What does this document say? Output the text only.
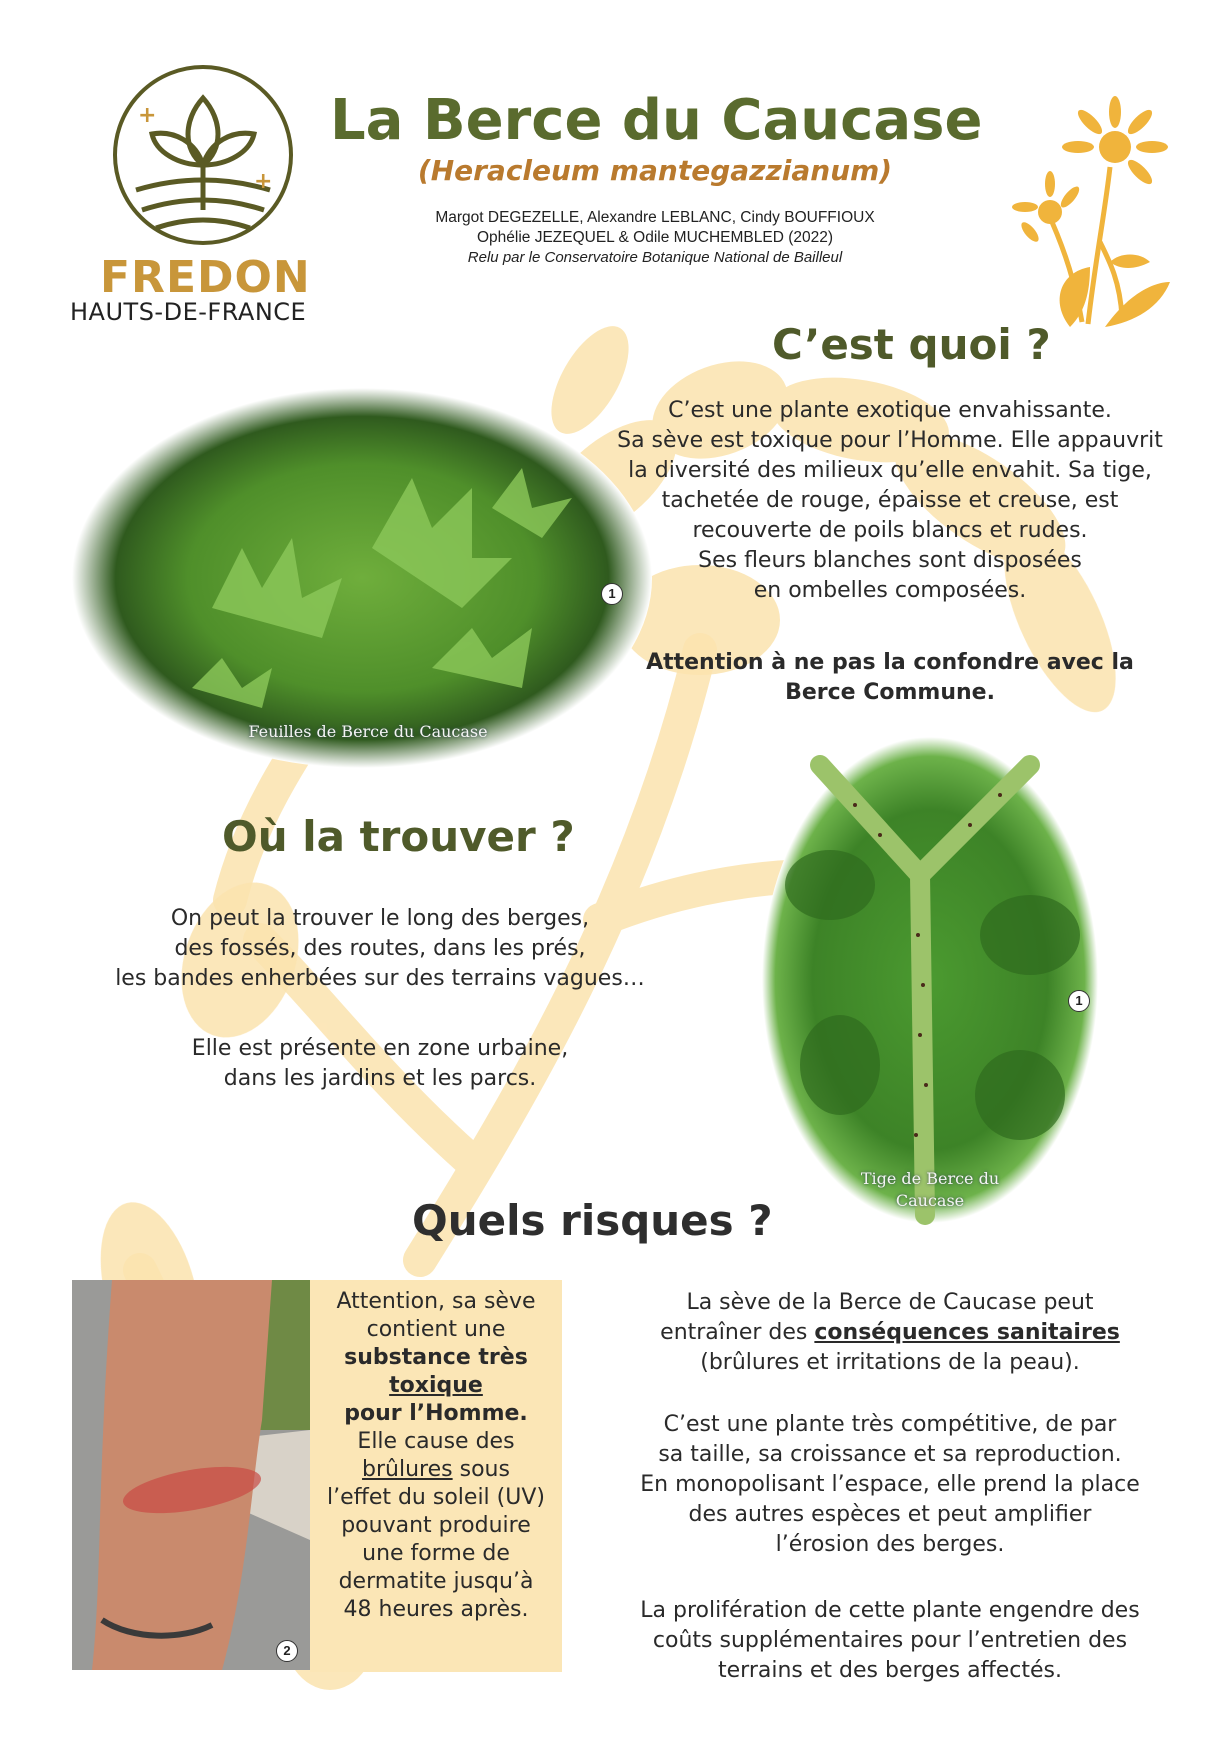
+
+
FREDON
HAUTS-DE-FRANCE
La Berce du Caucase
(Heracleum mantegazzianum)
Margot DEGEZELLE, Alexandre LEBLANC, Cindy BOUFFIOUX
Ophélie JEZEQUEL & Odile MUCHEMBLED (2022)
Relu par le Conservatoire Botanique National de Bailleul
C’est quoi ?
Feuilles de Berce du Caucase
1

C’est une plante exotique envahissante.

Sa sève est toxique pour l’Homme. Elle appauvrit

la diversité des milieux qu’elle envahit. Sa tige,

tachetée de rouge, épaisse et creuse, est

recouverte de poils blancs et rudes.

Ses fleurs blanches sont disposées

en ombelles composées.

Attention à ne pas la confondre avec la

Berce Commune.

Où la trouver ?

On peut la trouver le long des berges,

des fossés, des routes, dans les prés,

les bandes enherbées sur des terrains vagues…

Elle est présente en zone urbaine,

dans les jardins et les parcs.

Tige de Berce du
Caucase
1
Quels risques ?
2

Attention, sa sève

contient une

substance très

toxique

pour l’Homme.

Elle cause des

brûlures sous

l’effet du soleil (UV)

pouvant produire

une forme de

dermatite jusqu’à

48 heures après.

La sève de la Berce de Caucase peut

entraîner des conséquences sanitaires

(brûlures et irritations de la peau).

C’est une plante très compétitive, de par

sa taille, sa croissance et sa reproduction.

En monopolisant l’espace, elle prend la place

des autres espèces et peut amplifier

l’érosion des berges.

La prolifération de cette plante engendre des

coûts supplémentaires pour l’entretien des

terrains et des berges affectés.
